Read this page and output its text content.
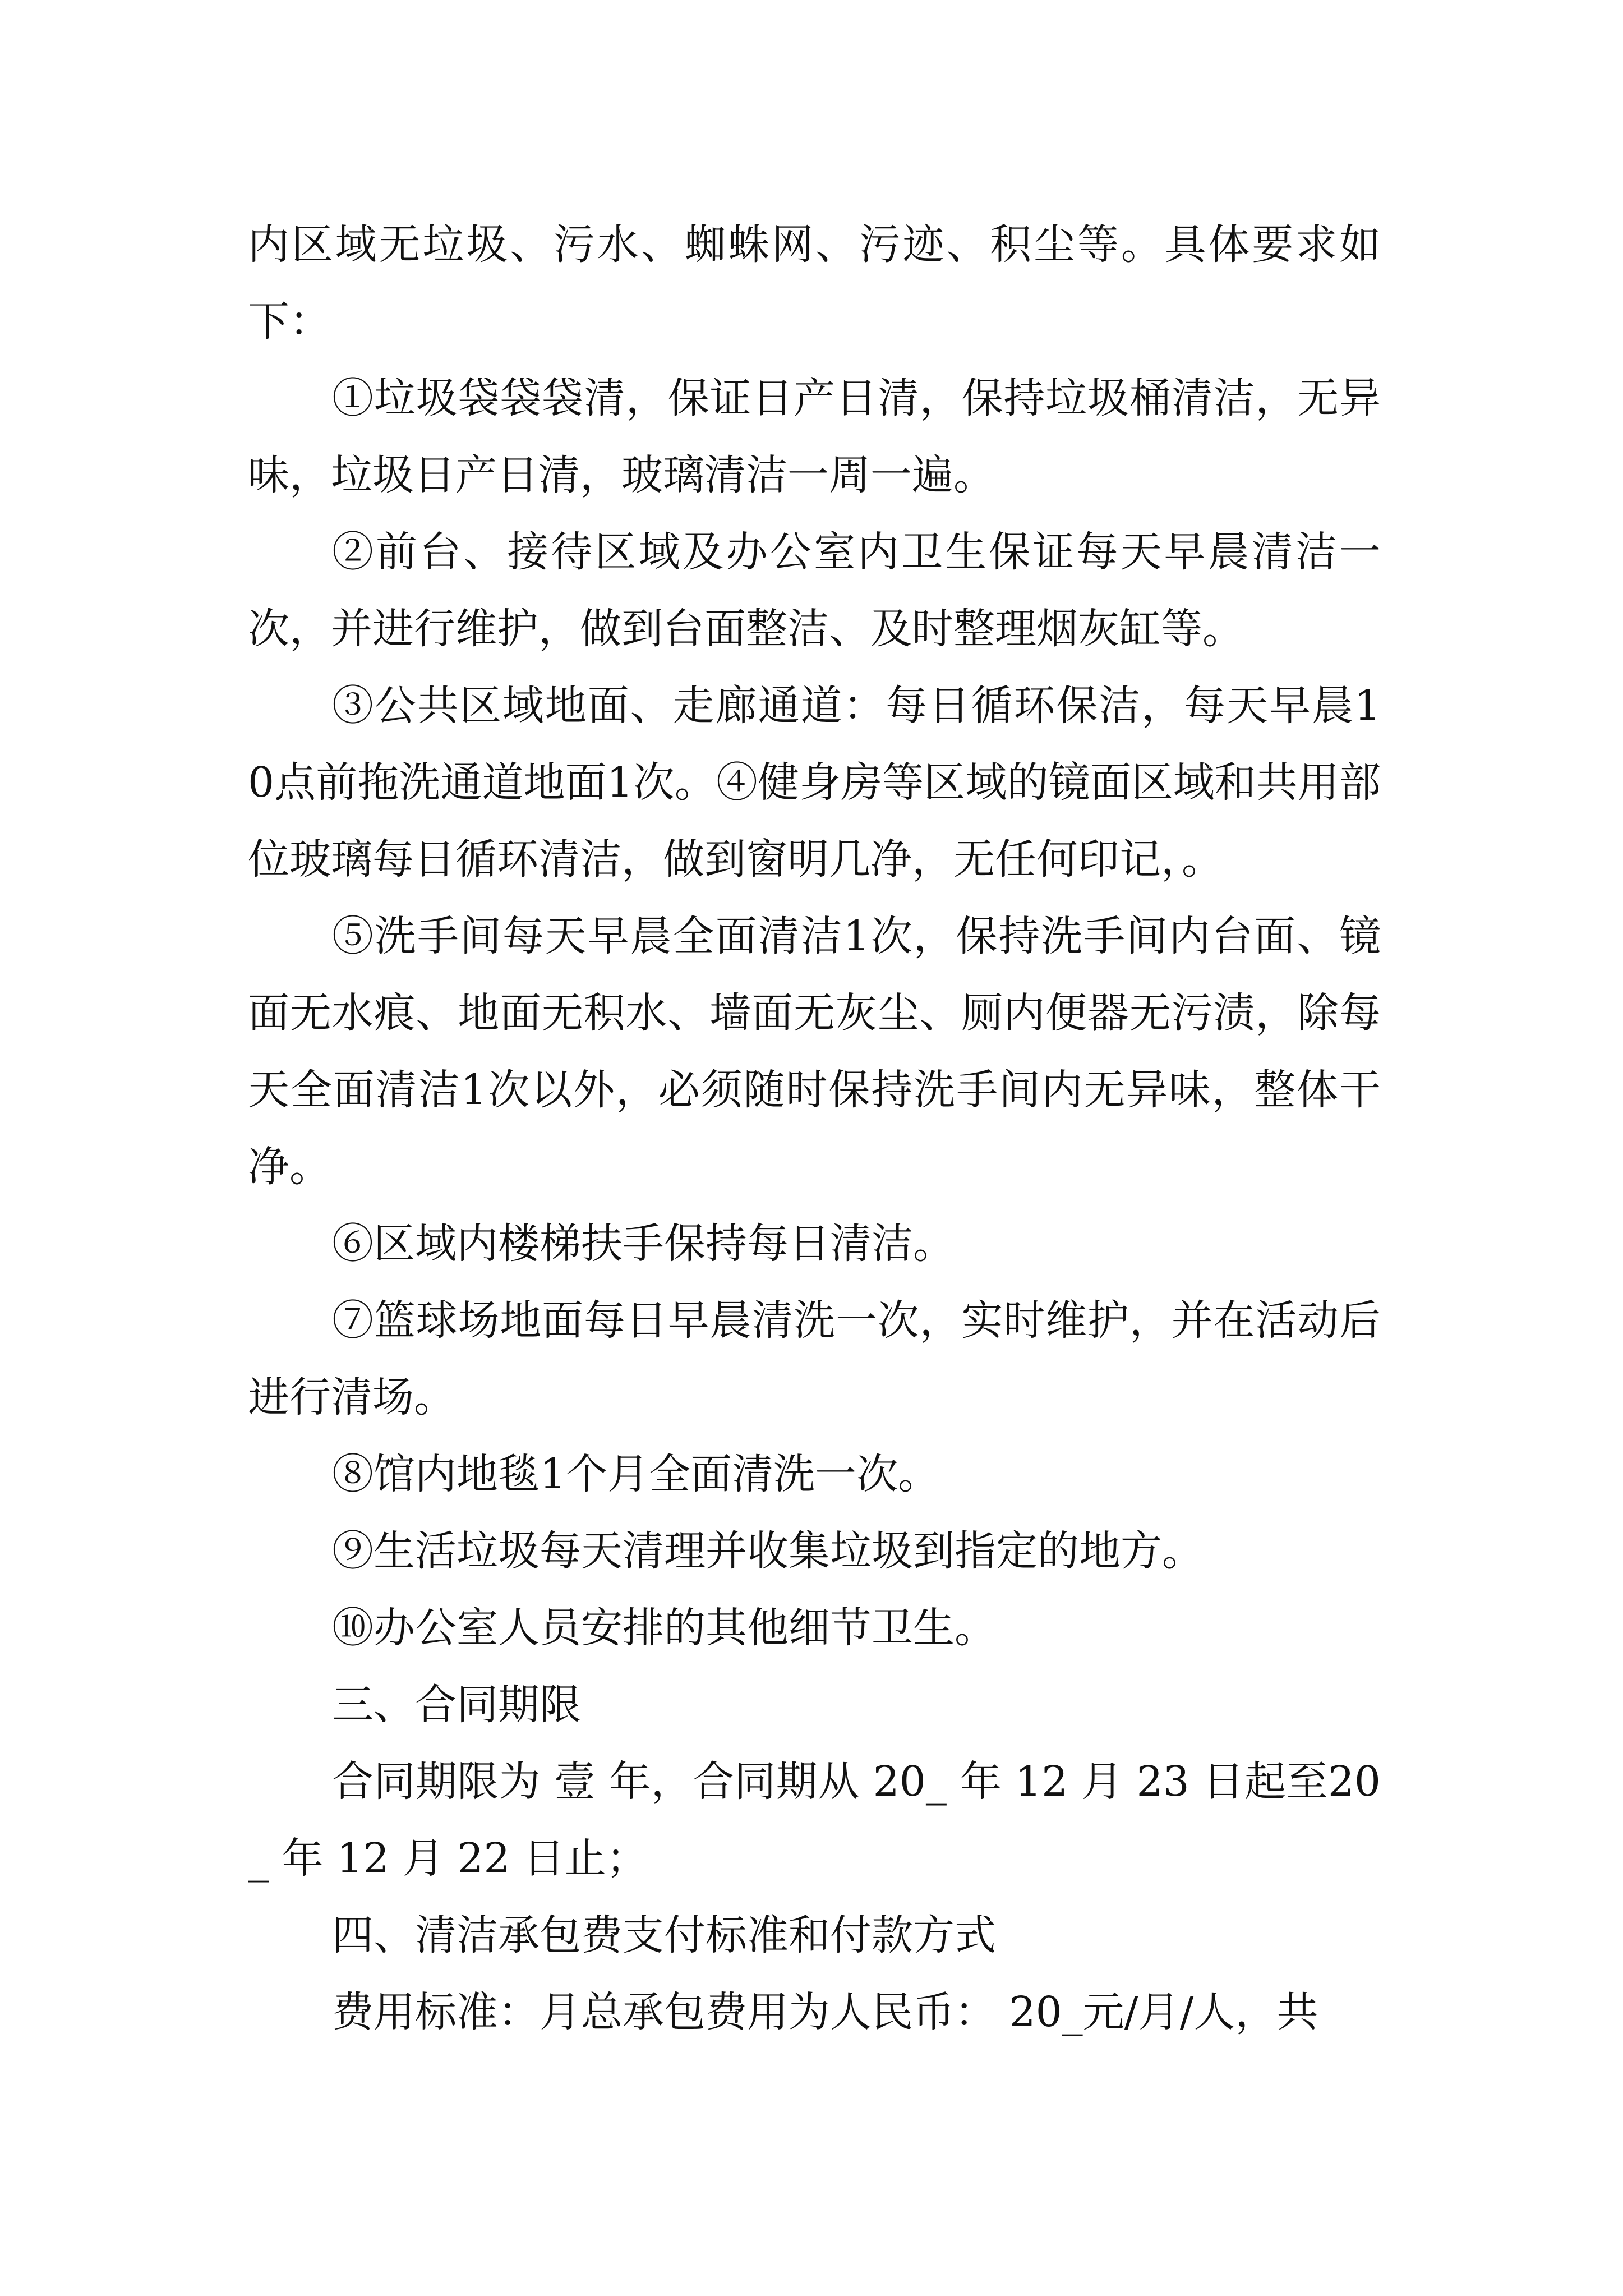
内区域无垃圾、污水、蜘蛛网、污迹、积尘等。具体要求如下：

①垃圾袋袋袋清，保证日产日清，保持垃圾桶清洁，无异味，垃圾日产日清，玻璃清洁一周一遍。

②前台、接待区域及办公室内卫生保证每天早晨清洁一次，并进行维护，做到台面整洁、及时整理烟灰缸等。

③公共区域地面、走廊通道：每日循环保洁，每天早晨10点前拖洗通道地面1次。④健身房等区域的镜面区域和共用部位玻璃每日循环清洁，做到窗明几净，无任何印记，。

⑤洗手间每天早晨全面清洁1次，保持洗手间内台面、镜面无水痕、地面无积水、墙面无灰尘、厕内便器无污渍，除每天全面清洁1次以外，必须随时保持洗手间内无异味，整体干净。

⑥区域内楼梯扶手保持每日清洁。

⑦篮球场地面每日早晨清洗一次，实时维护，并在活动后进行清场。

⑧馆内地毯1个月全面清洗一次。

⑨生活垃圾每天清理并收集垃圾到指定的地方。

⑩办公室人员安排的其他细节卫生。

三、合同期限

合同期限为 壹 年，合同期从 20_ 年 12 月 23 日起至20_ 年 12 月 22 日止；

四、清洁承包费支付标准和付款方式

费用标准：月总承包费用为人民币： 20_元/月/人，共
